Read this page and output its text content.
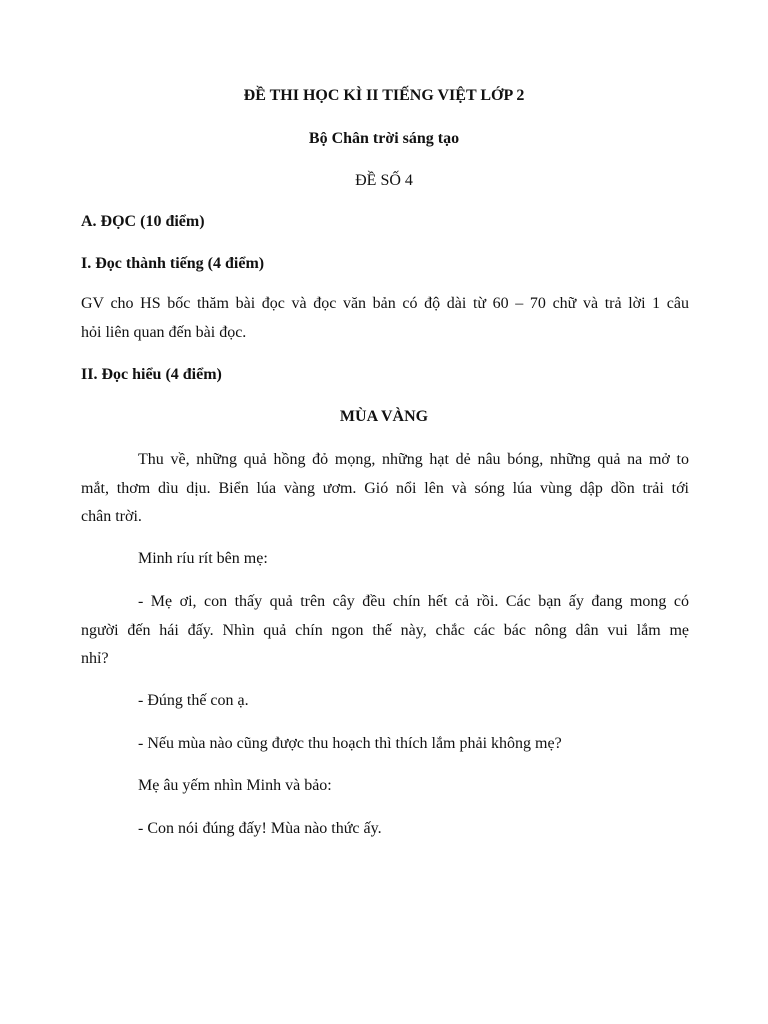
ĐỀ THI HỌC KÌ II TIẾNG VIỆT LỚP 2
Bộ Chân trời sáng tạo
ĐỀ SỐ 4
A. ĐỌC (10 điểm)
I. Đọc thành tiếng (4 điểm)
GV cho HS bốc thăm bài đọc và đọc văn bản có độ dài từ 60 – 70 chữ và trả lời 1 câu
hỏi liên quan đến bài đọc.
II. Đọc hiểu (4 điểm)
MÙA VÀNG
Thu về, những quả hồng đỏ mọng, những hạt dẻ nâu bóng, những quả na mở to
mắt, thơm dìu dịu. Biển lúa vàng ươm. Gió nổi lên và sóng lúa vùng dập dồn trải tới
chân trời.
Minh ríu rít bên mẹ:
- Mẹ ơi, con thấy quả trên cây đều chín hết cả rồi. Các bạn ấy đang mong có
người đến hái đấy. Nhìn quả chín ngon thế này, chắc các bác nông dân vui lắm mẹ
nhỉ?
- Đúng thế con ạ.
- Nếu mùa nào cũng được thu hoạch thì thích lắm phải không mẹ?
Mẹ âu yếm nhìn Minh và bảo:
- Con nói đúng đấy! Mùa nào thức ấy.
